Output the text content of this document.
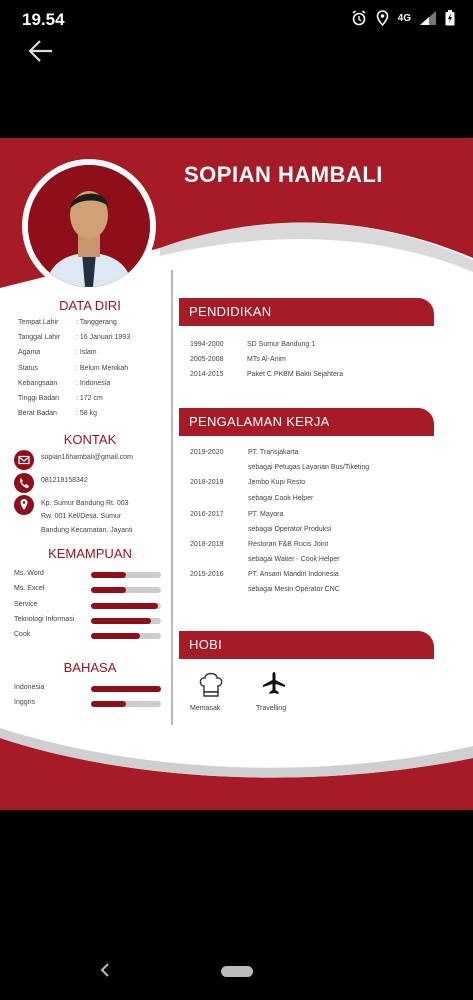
19.54	4G
SOPIAN HAMBALI
DATA DIRI
Tempat Lahir	: Tanggerang
Tanggal Lahir : 16 Januari 1993
Agama	: Islam
Status	: Belum Menikah
Kebangsaan	: Indonesia
Tinggi Badan : 172 cm
Berat Badan	: 58 kg
KONTAK
sopian16hambali@gmail.com
081218158342
Kp. Sumur Bandung Rt. 003
Rw. 001 Kel/Desa. Sumur
Bandung Kecamatan. Jayanti
KEMAMPUAN
Ms. Word
Ms. Excel
Service
Teknologi Informasi
Cook
BAHASA
Indonesia
Inggris
PENDIDIKAN
1994-2000	SD Sumur Bandung 1
2005-2008	MTs Al-Anim
2014-2015	Paket C PKBM Bakti Sejahtera
PENGALAMAN KERJA
2019-2020	PT. Transjakarta
sebagai Petugas Layanan Bus/Tiketing
2018-2019	Jembo Kupi Resto
sebagai Cook Helper
2016-2017	PT. Mayora
sebagai Operator Produksi
2018-2019	Restoran F&B Rucis Joint
sebagai Waiter - Cook Helper
2015-2016	PT. Ansam Mandiri Indonesia
sebagai Mesin Operator CNC
HOBI
Memasak	Travelling
